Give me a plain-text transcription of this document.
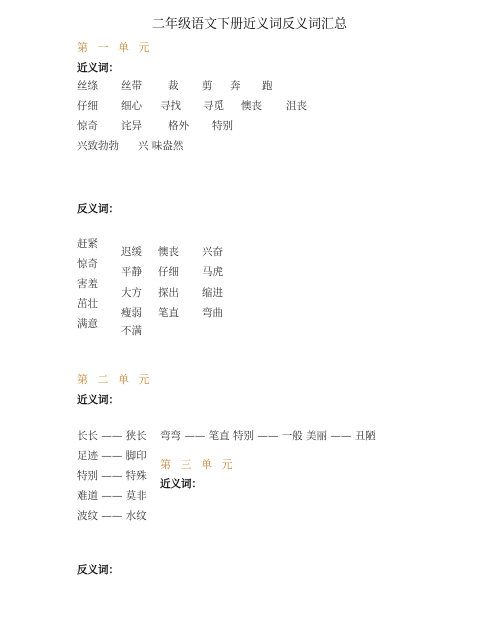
二年级语文下册近义词反义词汇总
第 一 单 元
近义词：
丝绦 丝带 裁 剪 奔 跑
仔细 细心 寻找 寻觅 懊丧 沮丧
惊奇 诧异 格外 特别
兴致勃勃 兴 味盎然
反义词：
赶紧
惊奇
害羞
茁壮
满意
迟缓 懊丧 兴奋
平静 仔细 马虎
大方 探出 缩进
瘦弱 笔直 弯曲
不满
第 二 单 元
近义词：
长长 —— 狭长
足迹 —— 脚印
特别 —— 特殊
难道 —— 莫非
波纹 —— 水纹
弯弯 —— 笔直 特别 —— 一般 美丽 —— 丑陋
第 三 单 元
近义词：
反义词：
